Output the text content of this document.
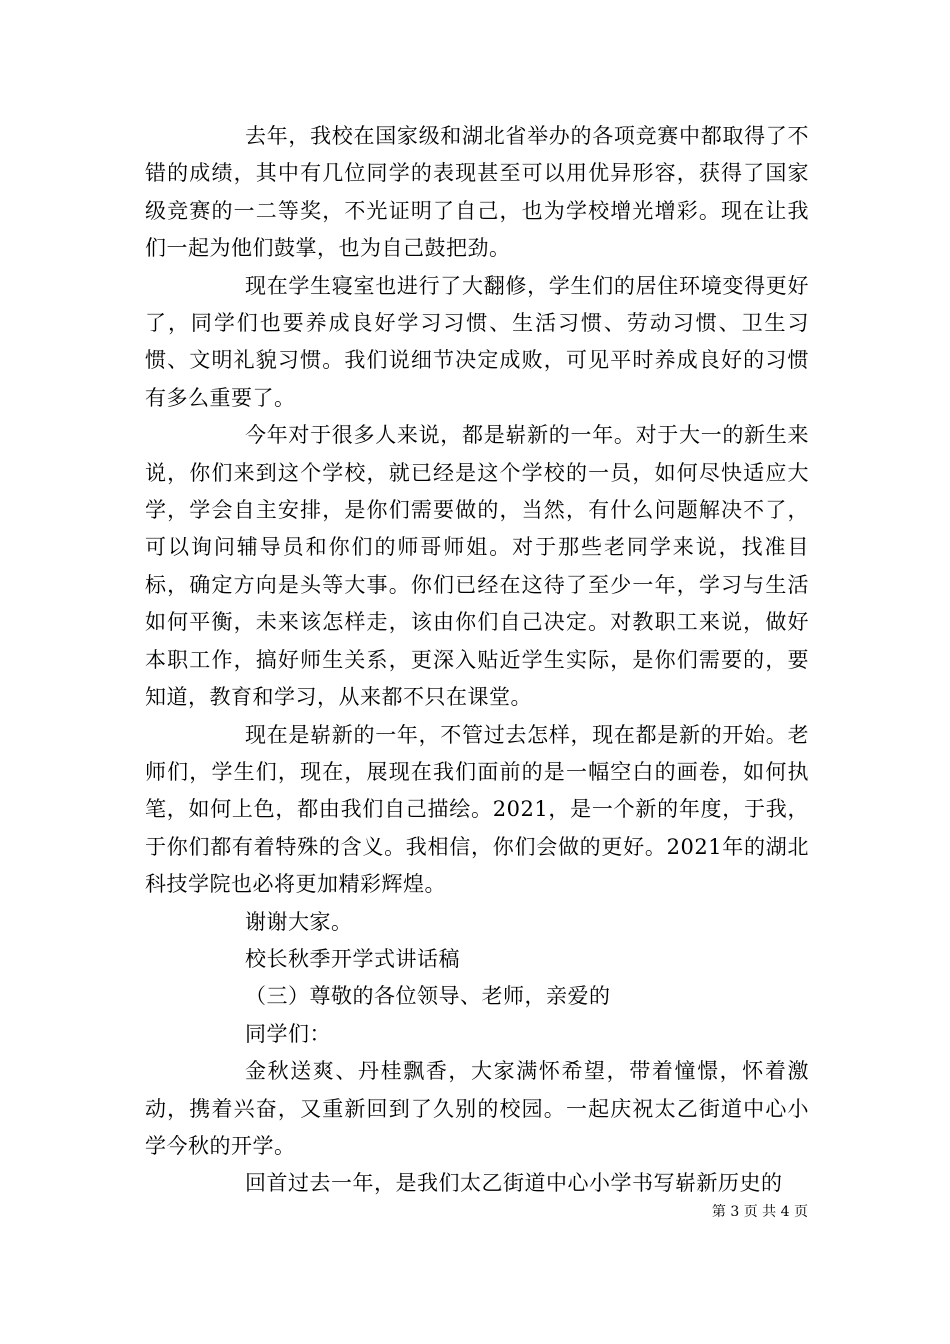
去年，我校在国家级和湖北省举办的各项竞赛中都取得了不错的成绩，其中有几位同学的表现甚至可以用优异形容，获得了国家级竞赛的一二等奖，不光证明了自己，也为学校增光增彩。现在让我们一起为他们鼓掌，也为自己鼓把劲。

现在学生寝室也进行了大翻修，学生们的居住环境变得更好了，同学们也要养成良好学习习惯、生活习惯、劳动习惯、卫生习惯、文明礼貌习惯。我们说细节决定成败，可见平时养成良好的习惯有多么重要了。

今年对于很多人来说，都是崭新的一年。对于大一的新生来说，你们来到这个学校，就已经是这个学校的一员，如何尽快适应大学，学会自主安排，是你们需要做的，当然，有什么问题解决不了，可以询问辅导员和你们的师哥师姐。对于那些老同学来说，找准目标，确定方向是头等大事。你们已经在这待了至少一年，学习与生活如何平衡，未来该怎样走，该由你们自己决定。对教职工来说，做好本职工作，搞好师生关系，更深入贴近学生实际，是你们需要的，要知道，教育和学习，从来都不只在课堂。

现在是崭新的一年，不管过去怎样，现在都是新的开始。老师们，学生们，现在，展现在我们面前的是一幅空白的画卷，如何执笔，如何上色，都由我们自己描绘。2021，是一个新的年度，于我，于你们都有着特殊的含义。我相信，你们会做的更好。2021年的湖北科技学院也必将更加精彩辉煌。

谢谢大家。

校长秋季开学式讲话稿

（三）尊敬的各位领导、老师，亲爱的

同学们：

金秋送爽、丹桂飘香，大家满怀希望，带着憧憬，怀着激动，携着兴奋，又重新回到了久别的校园。一起庆祝太乙街道中心小学今秋的开学。

回首过去一年，是我们太乙街道中心小学书写崭新历史的

第 3 页 共 4 页
